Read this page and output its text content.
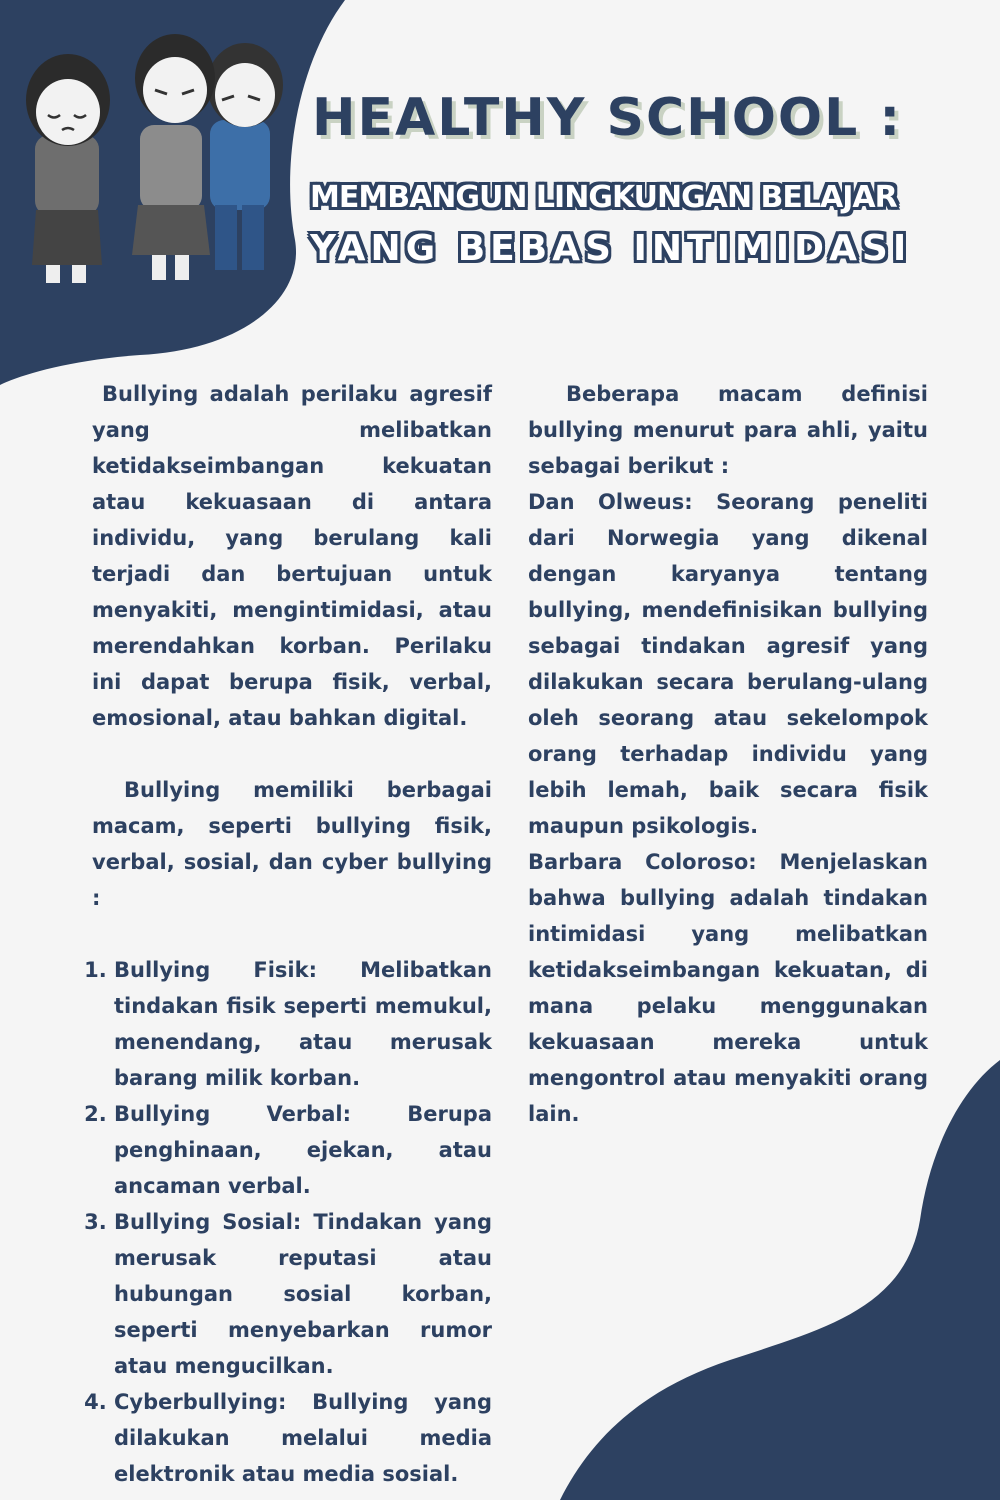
HEALTHY SCHOOL :
MEMBANGUN LINGKUNGAN BELAJAR
YANG BEBAS INTIMIDASI

Bullying adalah perilaku agresif yang melibatkan ketidakseimbangan kekuatan atau kekuasaan di antara individu, yang berulang kali terjadi dan bertujuan untuk menyakiti, mengintimidasi, atau merendahkan korban. Perilaku ini dapat berupa fisik, verbal, emosional, atau bahkan digital.

Bullying memiliki berbagai macam, seperti bullying fisik, verbal, sosial, dan cyber bullying :

1. Bullying Fisik: Melibatkan tindakan fisik seperti memukul, menendang, atau merusak barang milik korban.
2. Bullying Verbal: Berupa penghinaan, ejekan, atau ancaman verbal.
3. Bullying Sosial: Tindakan yang merusak reputasi atau hubungan sosial korban, seperti menyebarkan rumor atau mengucilkan.
4. Cyberbullying: Bullying yang dilakukan melalui media elektronik atau media sosial.

Beberapa macam definisi bullying menurut para ahli, yaitu sebagai berikut :

Dan Olweus: Seorang peneliti dari Norwegia yang dikenal dengan karyanya tentang bullying, mendefinisikan bullying sebagai tindakan agresif yang dilakukan secara berulang-ulang oleh seorang atau sekelompok orang terhadap individu yang lebih lemah, baik secara fisik maupun psikologis.

Barbara Coloroso: Menjelaskan bahwa bullying adalah tindakan intimidasi yang melibatkan ketidakseimbangan kekuatan, di mana pelaku menggunakan kekuasaan mereka untuk mengontrol atau menyakiti orang lain.
